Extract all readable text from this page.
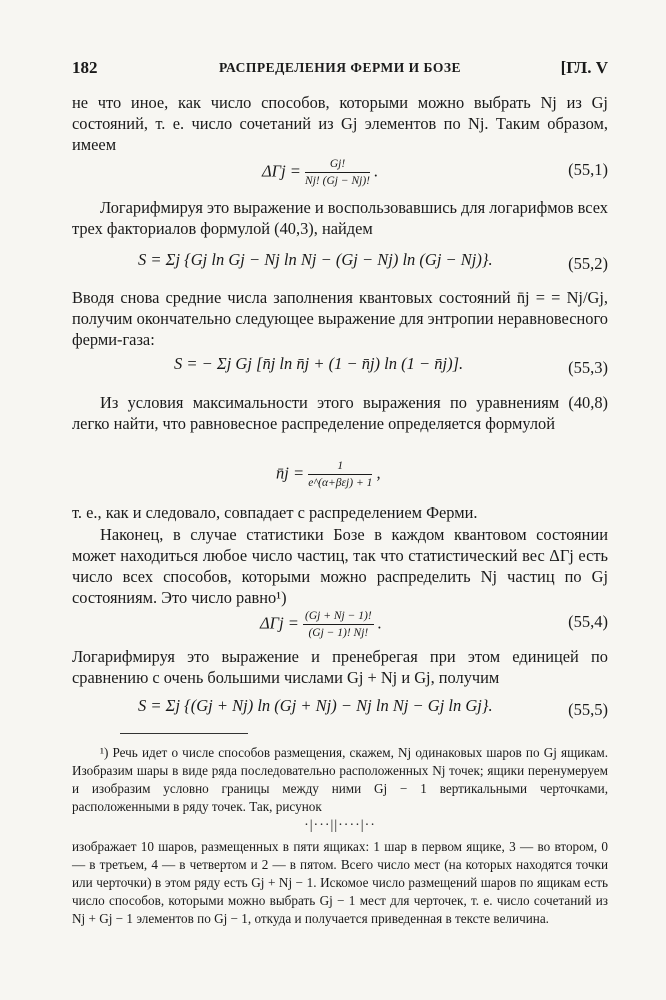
182	РАСПРЕДЕЛЕНИЯ ФЕРМИ И БОЗЕ	[ГЛ. V
не что иное, как число способов, которыми можно выбрать Nj из Gj состояний, т. е. число сочетаний из Gj элементов по Nj. Таким образом, имеем
$\Delta\Gamma j = \frac{Gj!}{Nj! (Gj - Nj)!}$ .	(55,1)
Логарифмируя это выражение и воспользовавшись для логарифмов всех трех факториалов формулой (40,3), найдем
S = Σj {Gj ln Gj − Nj ln Nj − (Gj − Nj) ln (Gj − Nj)}.	(55,2)
Вводя снова средние числа заполнения квантовых состояний n̄j = = Nj/Gj, получим окончательно следующее выражение для энтропии неравновесного ферми-газа:
S = − Σj Gj [n̄j ln n̄j + (1 − n̄j) ln (1 − n̄j)].	(55,3)
Из условия максимальности этого выражения по уравнениям (40,8) легко найти, что равновесное распределение определяется формулой
n̄j = $\frac{1}{\text{e\textasciicircum{}(α+βεj) + 1}}$ ,
т. е., как и следовало, совпадает с распределением Ферми.
Наконец, в случае статистики Бозе в каждом квантовом состоянии может находиться любое число частиц, так что статистический вес ΔΓj есть число всех способов, которыми можно распределить Nj частиц по Gj состояниям. Это число равно¹)
$\Delta\Gamma j = \frac{(Gj + Nj - 1)!}{(Gj - 1)! Nj!}$ .	(55,4)
Логарифмируя это выражение и пренебрегая при этом единицей по сравнению с очень большими числами Gj + Nj и Gj, получим
S = Σj {(Gj + Nj) ln (Gj + Nj) − Nj ln Nj − Gj ln Gj}.	(55,5)
¹) Речь идет о числе способов размещения, скажем, Nj одинаковых шаров по Gj ящикам. Изобразим шары в виде ряда последовательно расположенных Nj точек; ящики перенумеруем и изобразим условно границы между ними Gj − 1 вертикальными черточками, расположенными в ряду точек. Так, рисунок
·|···||····|··
изображает 10 шаров, размещенных в пяти ящиках: 1 шар в первом ящике, 3 — во втором, 0 — в третьем, 4 — в четвертом и 2 — в пятом. Всего число мест (на которых находятся точки или черточки) в этом ряду есть Gj + Nj − 1. Искомое число размещений шаров по ящикам есть число способов, которыми можно выбрать Gj − 1 мест для черточек, т. е. число сочетаний из Nj + Gj − 1 элементов по Gj − 1, откуда и получается приведенная в тексте величина.
